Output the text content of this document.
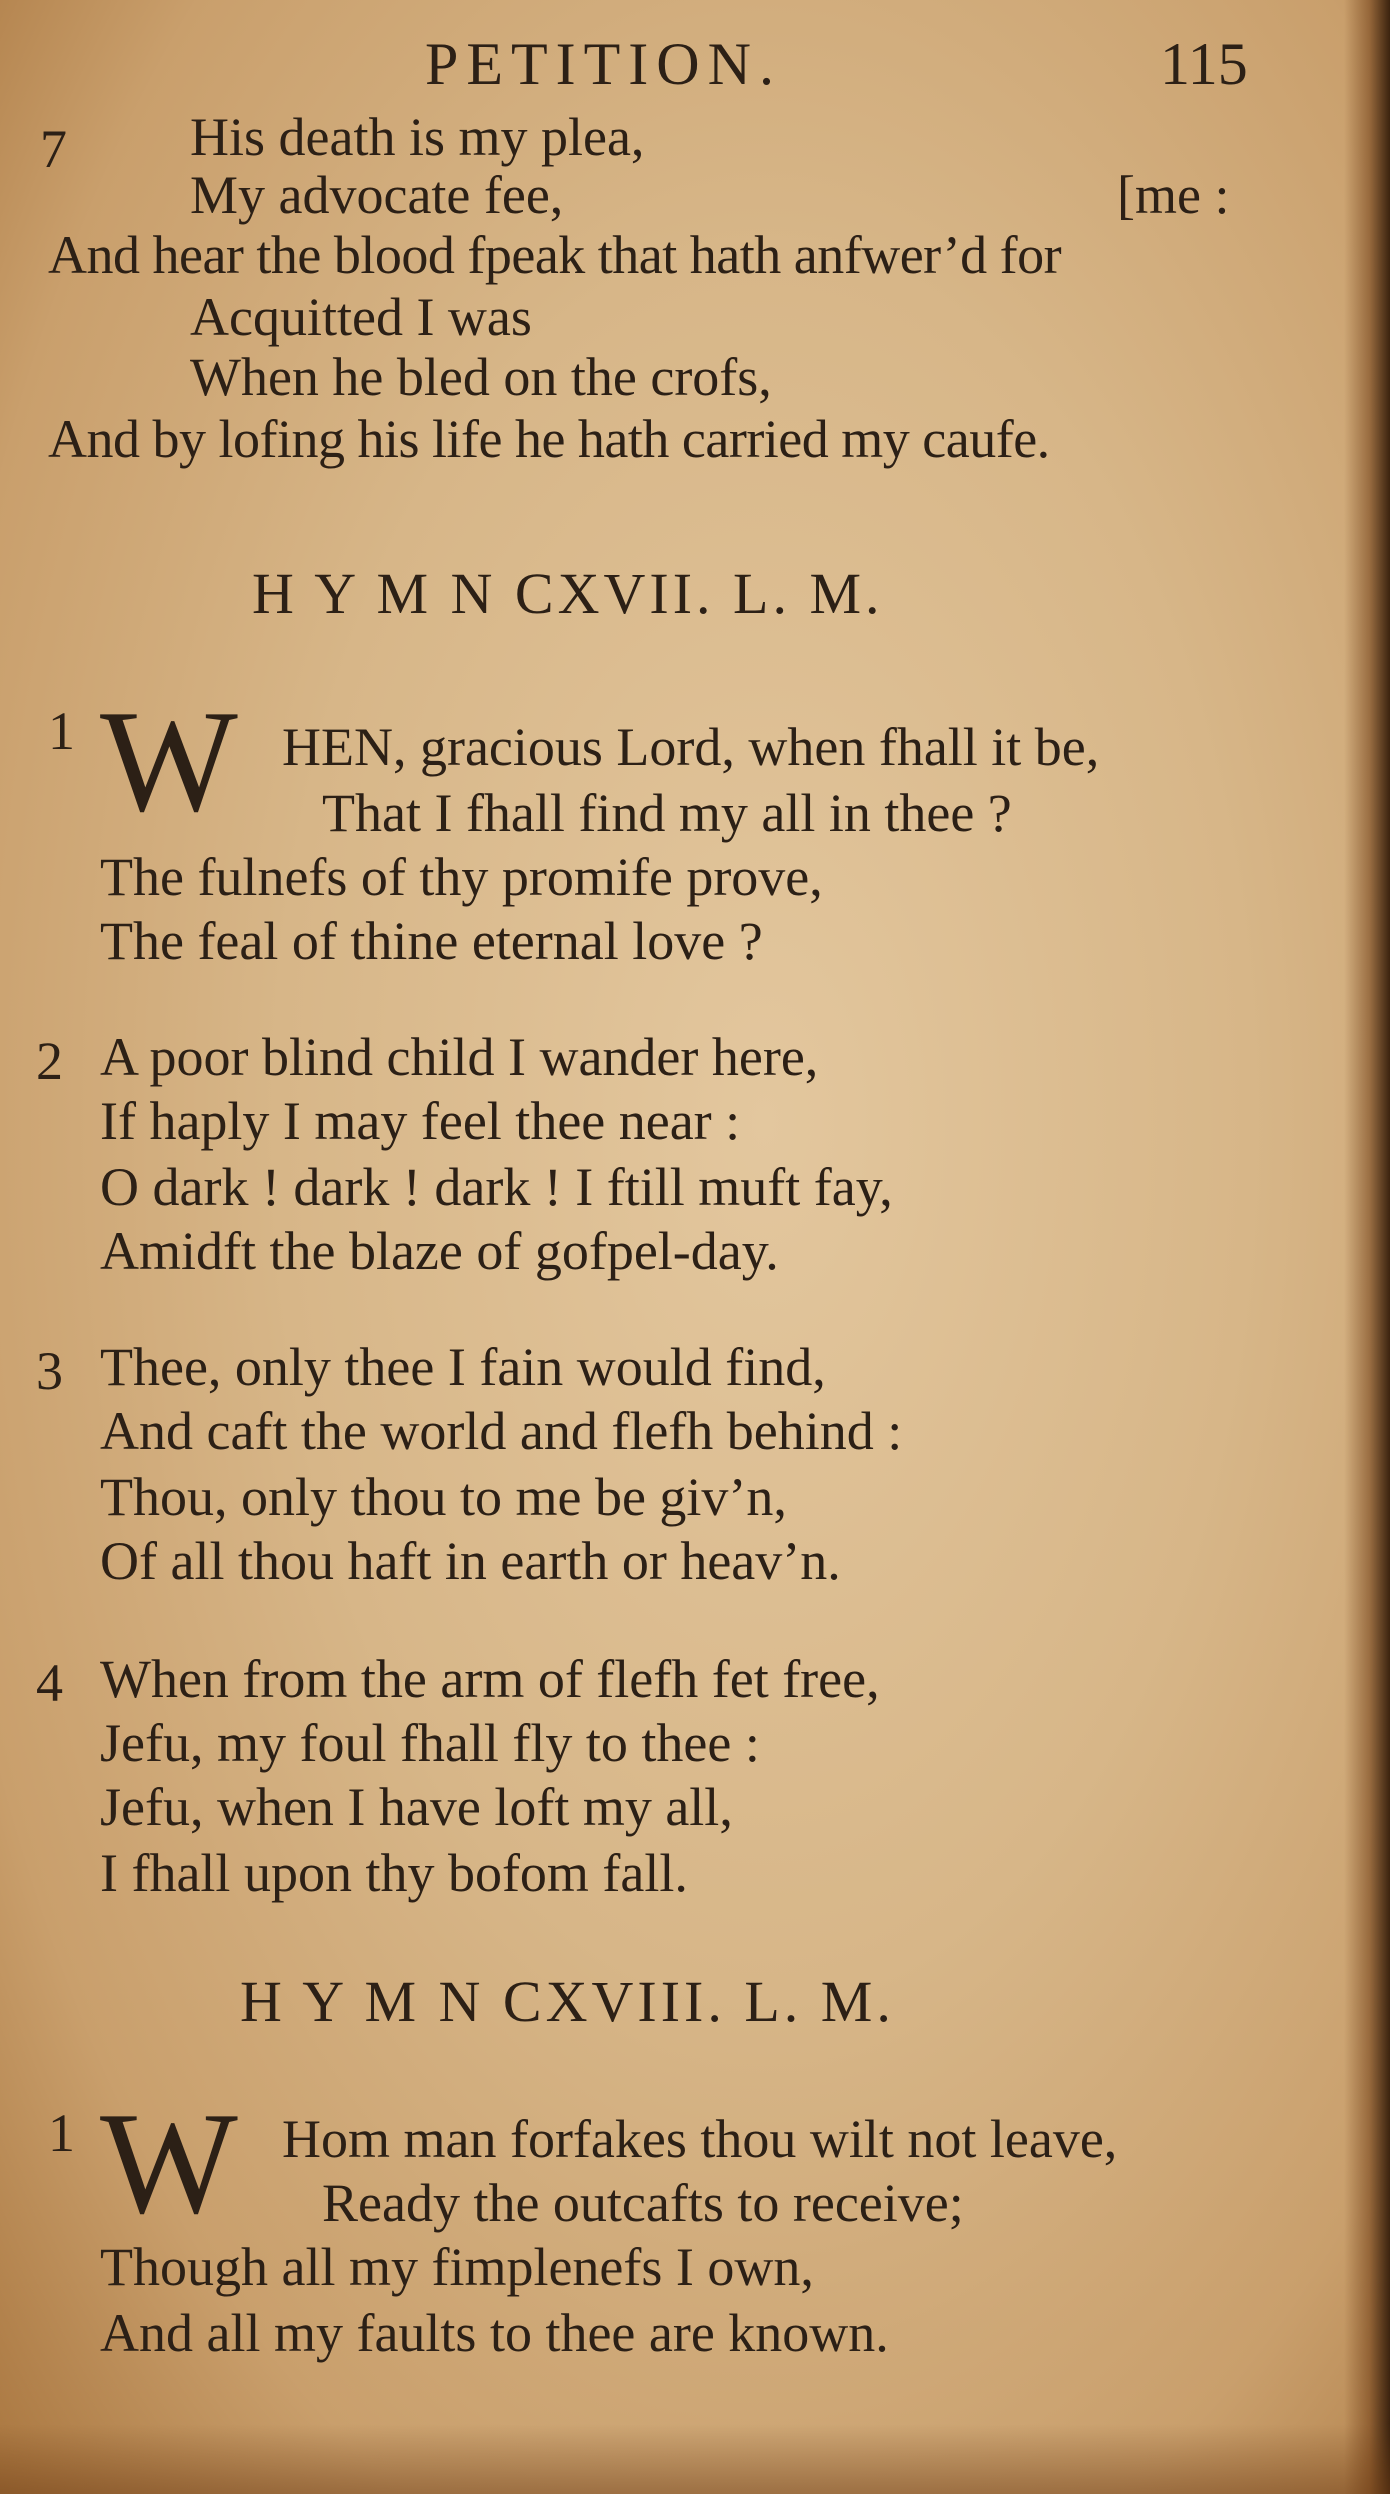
PETITION.	115
7 His death is my plea,
My advocate fee,	[me :
And hear the blood fpeak that hath anfwer’d for
Acquitted I was
When he bled on the crofs,
And by lofing his life he hath carried my caufe.
H Y M N CXVII. L. M.
1 W HEN, gracious Lord, when fhall it be,
That I fhall find my all in thee ?
The fulnefs of thy promife prove,
The feal of thine eternal love ?
2 A poor blind child I wander here,
If haply I may feel thee near :
O dark ! dark ! dark ! I ftill muft fay,
Amidft the blaze of gofpel-day.
3 Thee, only thee I fain would find,
And caft the world and flefh behind :
Thou, only thou to me be giv’n,
Of all thou haft in earth or heav’n.
4 When from the arm of flefh fet free,
Jefu, my foul fhall fly to thee :
Jefu, when I have loft my all,
I fhall upon thy bofom fall.
H Y M N CXVIII. L. M.
1 W Hom man forfakes thou wilt not leave,
Ready the outcafts to receive;
Though all my fimplenefs I own,
And all my faults to thee are known.
